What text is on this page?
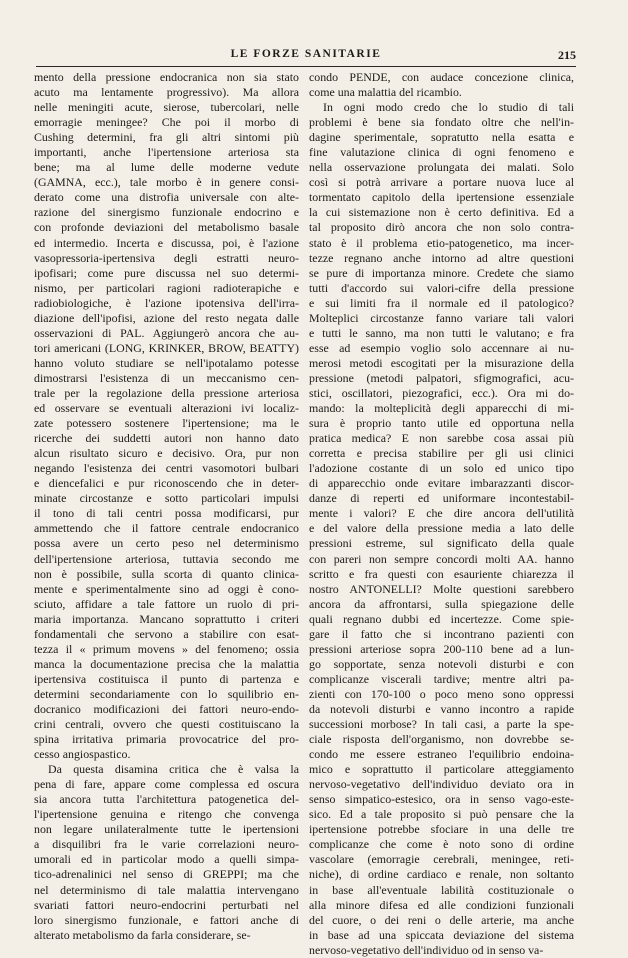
LE FORZE SANITARIE	215
mento della pressione endocranica non sia stato
acuto ma lentamente progressivo). Ma allora
nelle meningiti acute, sierose, tubercolari, nelle
emorragie meningee? Che poi il morbo di
Cushing determini, fra gli altri sintomi più
importanti, anche l'ipertensione arteriosa sta
bene; ma al lume delle moderne vedute
(GAMNA, ecc.), tale morbo è in genere consi-
derato come una distrofia universale con alte-
razione del sinergismo funzionale endocrino e
con profonde deviazioni del metabolismo basale
ed intermedio. Incerta e discussa, poi, è l'azione
vasopressoria-ipertensiva degli estratti neuro-
ipofisari; come pure discussa nel suo determi-
nismo, per particolari ragioni radioterapiche e
radiobiologiche, è l'azione ipotensiva dell'irra-
diazione dell'ipofisi, azione del resto negata dalle
osservazioni di PAL. Aggiungerò ancora che au-
tori americani (LONG, KRINKER, BROW, BEATTY)
hanno voluto studiare se nell'ipotalamo potesse
dimostrarsi l'esistenza di un meccanismo cen-
trale per la regolazione della pressione arteriosa
ed osservare se eventuali alterazioni ivi localiz-
zate potessero sostenere l'ipertensione; ma le
ricerche dei suddetti autori non hanno dato
alcun risultato sicuro e decisivo. Ora, pur non
negando l'esistenza dei centri vasomotori bulbari
e diencefalici e pur riconoscendo che in deter-
minate circostanze e sotto particolari impulsi
il tono di tali centri possa modificarsi, pur
ammettendo che il fattore centrale endocranico
possa avere un certo peso nel determinismo
dell'ipertensione arteriosa, tuttavia secondo me
non è possibile, sulla scorta di quanto clinica-
mente e sperimentalmente sino ad oggi è cono-
sciuto, affidare a tale fattore un ruolo di pri-
maria importanza. Mancano soprattutto i criteri
fondamentali che servono a stabilire con esat-
tezza il « primum movens » del fenomeno; ossia
manca la documentazione precisa che la malattia
ipertensiva costituisca il punto di partenza e
determini secondariamente con lo squilibrio en-
docranico modificazioni dei fattori neuro-endo-
crini centrali, ovvero che questi costituiscano la
spina irritativa primaria provocatrice del pro-
cesso angiospastico.
Da questa disamina critica che è valsa la
pena di fare, appare come complessa ed oscura
sia ancora tutta l'architettura patogenetica del-
l'ipertensione genuina e ritengo che convenga
non legare unilateralmente tutte le ipertensioni
a disquilibri fra le varie correlazioni neuro-
umorali ed in particolar modo a quelli simpa-
tico-adrenalinici nel senso di GREPPI; ma che
nel determinismo di tale malattia intervengano
svariati fattori neuro-endocrini perturbati nel
loro sinergismo funzionale, e fattori anche di
alterato metabolismo da farla considerare, se-
condo PENDE, con audace concezione clinica,
come una malattia del ricambio.
In ogni modo credo che lo studio di tali
problemi è bene sia fondato oltre che nell'in-
dagine sperimentale, sopratutto nella esatta e
fine valutazione clinica di ogni fenomeno e
nella osservazione prolungata dei malati. Solo
così si potrà arrivare a portare nuova luce al
tormentato capitolo della ipertensione essenziale
la cui sistemazione non è certo definitiva. Ed a
tal proposito dirò ancora che non solo contra-
stato è il problema etio-patogenetico, ma incer-
tezze regnano anche intorno ad altre questioni
se pure di importanza minore. Credete che siamo
tutti d'accordo sui valori-cifre della pressione
e sui limiti fra il normale ed il patologico?
Molteplici circostanze fanno variare tali valori
e tutti le sanno, ma non tutti le valutano; e fra
esse ad esempio voglio solo accennare ai nu-
merosi metodi escogitati per la misurazione della
pressione (metodi palpatori, sfigmografici, acu-
stici, oscillatori, piezografici, ecc.). Ora mi do-
mando: la molteplicità degli apparecchi di mi-
sura è proprio tanto utile ed opportuna nella
pratica medica? E non sarebbe cosa assai più
corretta e precisa stabilire per gli usi clinici
l'adozione costante di un solo ed unico tipo
di apparecchio onde evitare imbarazzanti discor-
danze di reperti ed uniformare incontestabil-
mente i valori? E che dire ancora dell'utilità
e del valore della pressione media a lato delle
pressioni estreme, sul significato della quale
con pareri non sempre concordi molti AA. hanno
scritto e fra questi con esauriente chiarezza il
nostro ANTONELLI? Molte questioni sarebbero
ancora da affrontarsi, sulla spiegazione delle
quali regnano dubbi ed incertezze. Come spie-
gare il fatto che si incontrano pazienti con
pressioni arteriose sopra 200-110 bene ad a lun-
go sopportate, senza notevoli disturbi e con
complicanze viscerali tardive; mentre altri pa-
zienti con 170-100 o poco meno sono oppressi
da notevoli disturbi e vanno incontro a rapide
successioni morbose? In tali casi, a parte la spe-
ciale risposta dell'organismo, non dovrebbe se-
condo me essere estraneo l'equilibrio endoina-
mico e soprattutto il particolare atteggiamento
nervoso-vegetativo dell'individuo deviato ora in
senso simpatico-estesico, ora in senso vago-este-
sico. Ed a tale proposito si può pensare che la
ipertensione potrebbe sfociare in una delle tre
complicanze che come è noto sono di ordine
vascolare (emorragie cerebrali, meningee, reti-
niche), di ordine cardiaco e renale, non soltanto
in base all'eventuale labilità costituzionale o
alla minore difesa ed alle condizioni funzionali
del cuore, o dei reni o delle arterie, ma anche
in base ad una spiccata deviazione del sistema
nervoso-vegetativo dell'individuo od in senso va-
